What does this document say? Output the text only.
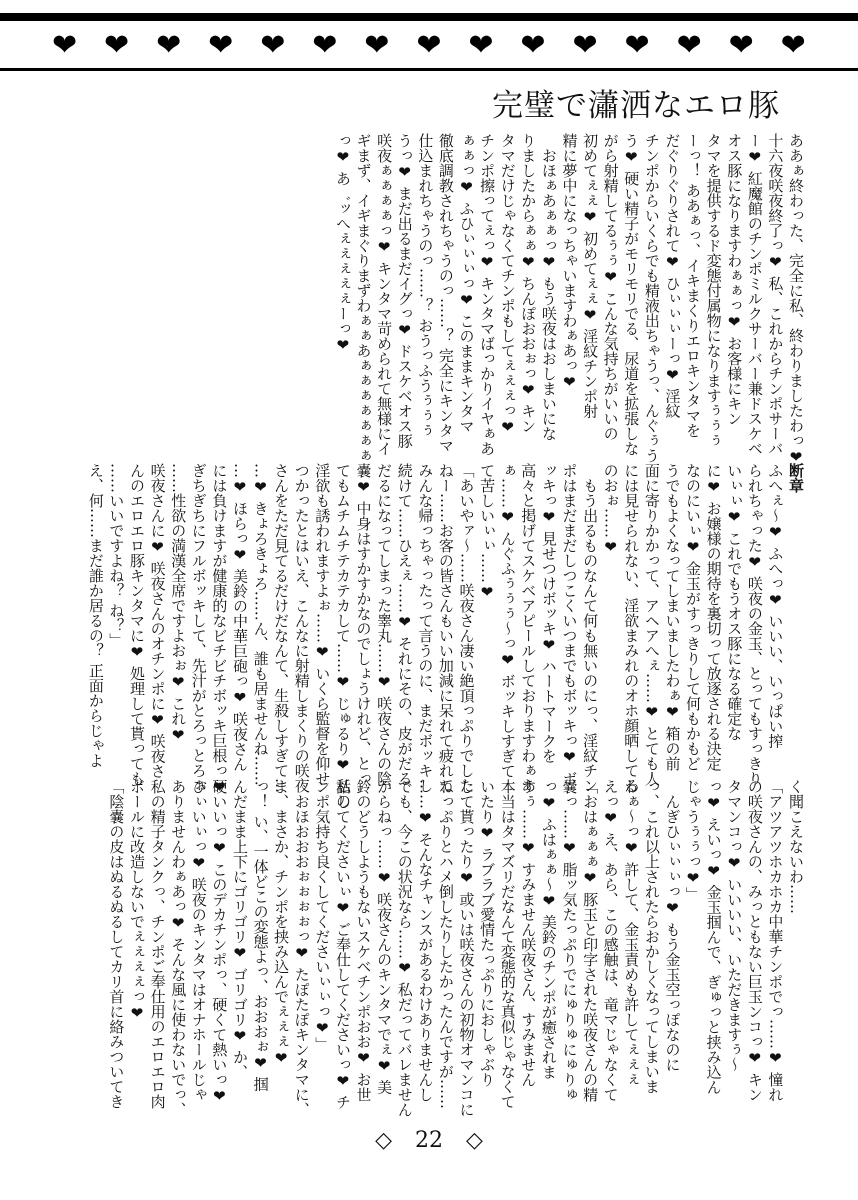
❤ ❤ ❤ ❤ ❤ ❤ ❤ ❤ ❤ ❤ ❤ ❤ ❤ ❤ ❤
完璧で瀟洒なエロ豚
ああぁ終わった、完全に私、終わりましたわっ❤
十六夜咲夜終了っ❤ 私、これからチンポサーバ
ー❤ 紅魔館のチンポミルクサーバー兼ドスケベ
オス豚になりますわぁぁっ❤ お客様にキン
タマを提供するド変態付属物になりますぅぅぅ
ーっ！ ああぁっ、イキまくりエロキンタマを
だぐりぐりされて❤ ひぃぃぃーっ❤ 淫紋
チンポからいくらでも精液出ちゃうっ、んぐぅう
う❤ 硬い精子がモリモリでる、尿道を拡張しな
がら射精してるぅぅ❤ こんな気持ちがいいの
初めてぇぇ❤ 初めてぇぇ❤ 淫紋チンポ射
精に夢中になっちゃいますわぁあっ❤
　おほぁあぁぁっ❤ もう咲夜はおしまいにな
りましたからぁぁ❤ ちんぽおおぉっ❤ キン
タマだけじゃなくてチンポもしてぇぇぇっ❤
チンポ擦ってぇっ❤ キンタマばっかりイヤぁあ
ぁぁっ❤ ふひぃぃぃっ❤ このままキンタマ
徹底調教されちゃうのっ……？ 完全にキンタマ
仕込まれちゃうのっ……？ おうっふうぅぅぅ
うっ❤ まだ出るまだイグっ❤ ドスケベオス豚
咲夜ぁぁぁぁっ❤ キンタマ苛められて無様にイ
ギまず、イギまぐりまずわぁぁあぁぁぁぁぁぁぁ
っ❤ あ゛ッへぇぇぇぇぇーっ❤
断章
ふへぇ～❤ ふへっ❤ いいい、いっぱい搾
られちゃった❤ 咲夜の金玉、とってもすっきり
いぃぃ❤ これでもうオス豚になる確定な
に❤ お嬢様の期待を裏切って放逐される決定
なのにいぃ❤ 金玉がすっきりして何もかもど
うでもよくなってしまいましたわぁ❤ 箱の前
面に寄りかかって、アヘアへぇ……❤ とても人
には見せられない、淫欲まみれのオホ顔晒してる
のおぉ……❤
　もう出るものなんて何も無いのにっ、淫紋チン
ポはまだまだしつこくいつまでもボッキっ❤ ボ
ッキっ❤ 見せつけボッキ❤ ハートマークを
高々と掲げてスケベアピールしておりますわぁあ
ぁ……❤ んぐふぅぅぅ～っ❤ ボッキしすぎて
て苦しいぃぃ……❤
「あいやァ～……咲夜さん凄い絶頂っぷりでした
ねー……お客の皆さんもいい加減に呆れて疲れて
みんな帰っちゃったって言うのに、まだボッキし
続けて……ひえぇ……❤ それにその、皮がだる
だるになってしまった睾丸……❤ 咲夜さんの陰
嚢❤ 中身はすかすかなのでしょうけれど、とっ
てもムチムチテカテカして……❤ じゅるり❤ 私の
淫欲も誘われますよぉ……❤ いくら監督を仰せ
つかったとはいえ、こんなに射精しまくりの咲夜
さんをただ見てるだけだなんて、生殺しすぎて…
…❤ きょろきょろ……ん、誰も居ませんね……
…❤ ほらっ❤ 美鈴の中華巨砲っ❤ 咲夜さん
には負けますが健康的なビチビチボッキ巨根っ❤
ぎちぎちにフルボッキして、先汁がとろっとろぉ
……性欲の満漢全席ですよおぉ❤ これ❤
咲夜さんに❤ 咲夜さんのオチンポに❤ 咲夜さ
んのエロエロ豚キンタマに❤ 処理して貰っても
……いいですよね？ ね？」
え、何……まだ誰か居るの？ 正面からじゃよ
く聞こえないわ……
「アツアツホカホカ中華チンポでっ……❤ 憧れ
の咲夜さんの、みっともない巨玉ンコっ❤ キン
タマンコっ❤ いいいい、いただきますぅ～
っ❤ えいっ❤ 金玉掴んで、ぎゅっと挟み込ん
じゃうぅぅっ❤」
　んぎひぃぃぃっ❤ もう金玉空っぽなのに
っ、これ以上されたらおかしくなってしまいま
わぁ～っ❤ 許して、金玉責めも許してぇぇぇ
えっ❤ え、あら、この感触は、竜マじゃなくて
「おはぁぁぁ❤ 豚玉と印字された咲夜さんの精
嚢っ……❤ 脂ッ気たっぷりでにゅりゅにゅりゅ
っ❤ ふはぁぁ～❤ 美鈴のチンポが癒されま
すぅ……❤ すみません咲夜さん、すみません
本当はタマズリだなんて変態的な真似じゃなくて
いたり❤ ラブラブ愛情たっぷりにおしゃぶり
して貰ったり❤ 或いは咲夜さんの初物オマンコに
ねっぷりとハメ倒したりしたかったんですが……
……❤ そんなチャンスがあるわけありませんし
でも、今この状況なら……❤ 私だってバレません
からねっ……❤ 咲夜さんのキンタマでぇ❤ 美
鈴のどうしようもないスケベチンポおお❤ お世
話してくださいぃ❤ ご奉仕してくださいっ❤ チ
ンポ気持ち良くしてくださいぃぃっ❤」
　おほおおおぉぉぉぉっ❤ たぽたぽキンタマに、
ま、まさか、チンポを挟み込んでぇぇぇ❤
っ！ い、一体どこの変態よっ、おおおぉ❤ 掴
んだまま上下にゴリゴリ❤ ゴリゴリ❤ か、
硬いいっ❤ このデカチンポっ、硬くて熱いっ❤
ひぃいぃっ❤ 咲夜のキンタマはオナホールじゃ
ありませんわぁあっ❤ そんな風に使わないでっ、
私の精子タンクっ、チンポご奉仕用のエロエロ肉
ボールに改造しないでぇぇぇぇっ❤
「陰嚢の皮はぬるぬるしてカリ首に絡みついてき
◇ 22 ◇
